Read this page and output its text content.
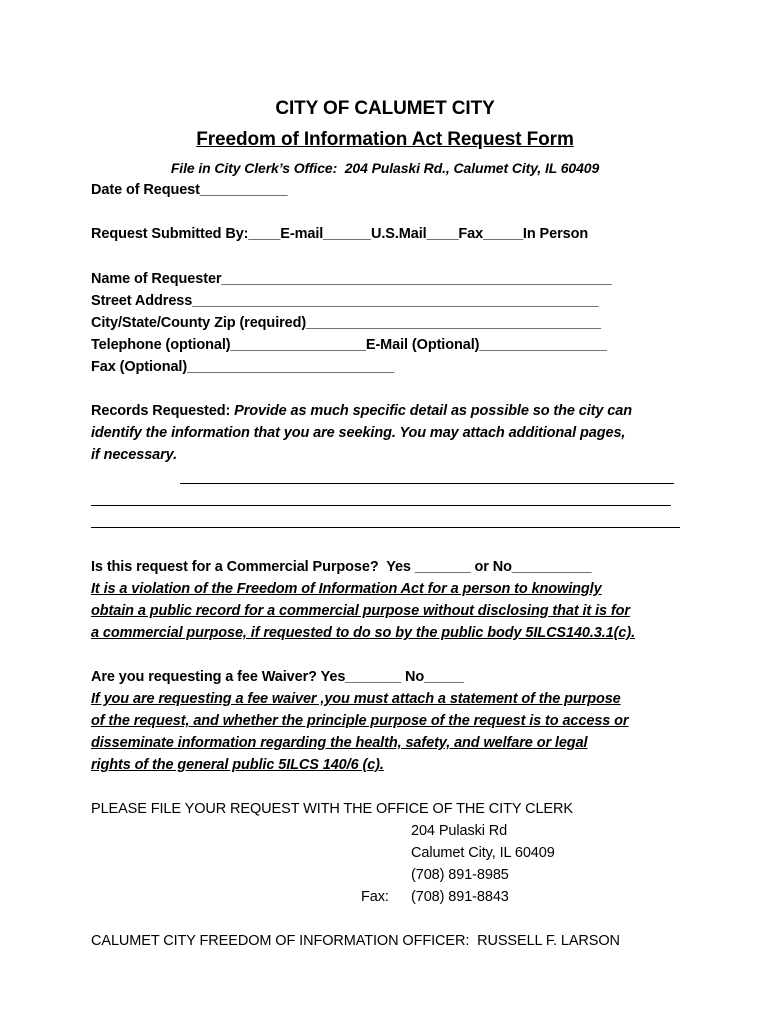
CITY OF CALUMET CITY
Freedom of Information Act Request Form
File in City Clerk’s Office:  204 Pulaski Rd., Calumet City, IL 60409
Date of Request___________
Request Submitted By:____E-mail______U.S.Mail____Fax_____In Person
Name of Requester_________________________________________________
Street Address___________________________________________________
City/State/County Zip (required)_____________________________________
Telephone (optional)_________________E-Mail (Optional)________________
Fax (Optional)__________________________
Records Requested: Provide as much specific detail as possible so the city can
identify the information that you are seeking. You may attach additional pages,
if necessary.
Is this request for a Commercial Purpose?  Yes _______ or No__________
It is a violation of the Freedom of Information Act for a person to knowingly
obtain a public record for a commercial purpose without disclosing that it is for
a commercial purpose, if requested to do so by the public body 5ILCS140.3.1(c).
Are you requesting a fee Waiver? Yes_______ No_____
If you are requesting a fee waiver ,you must attach a statement of the purpose
of the request, and whether the principle purpose of the request is to access or
disseminate information regarding the health, safety, and welfare or legal
rights of the general public 5ILCS 140/6 (c).
PLEASE FILE YOUR REQUEST WITH THE OFFICE OF THE CITY CLERK
204 Pulaski Rd
Calumet City, IL 60409
(708) 891-8985
Fax: (708) 891-8843
CALUMET CITY FREEDOM OF INFORMATION OFFICER:  RUSSELL F. LARSON
